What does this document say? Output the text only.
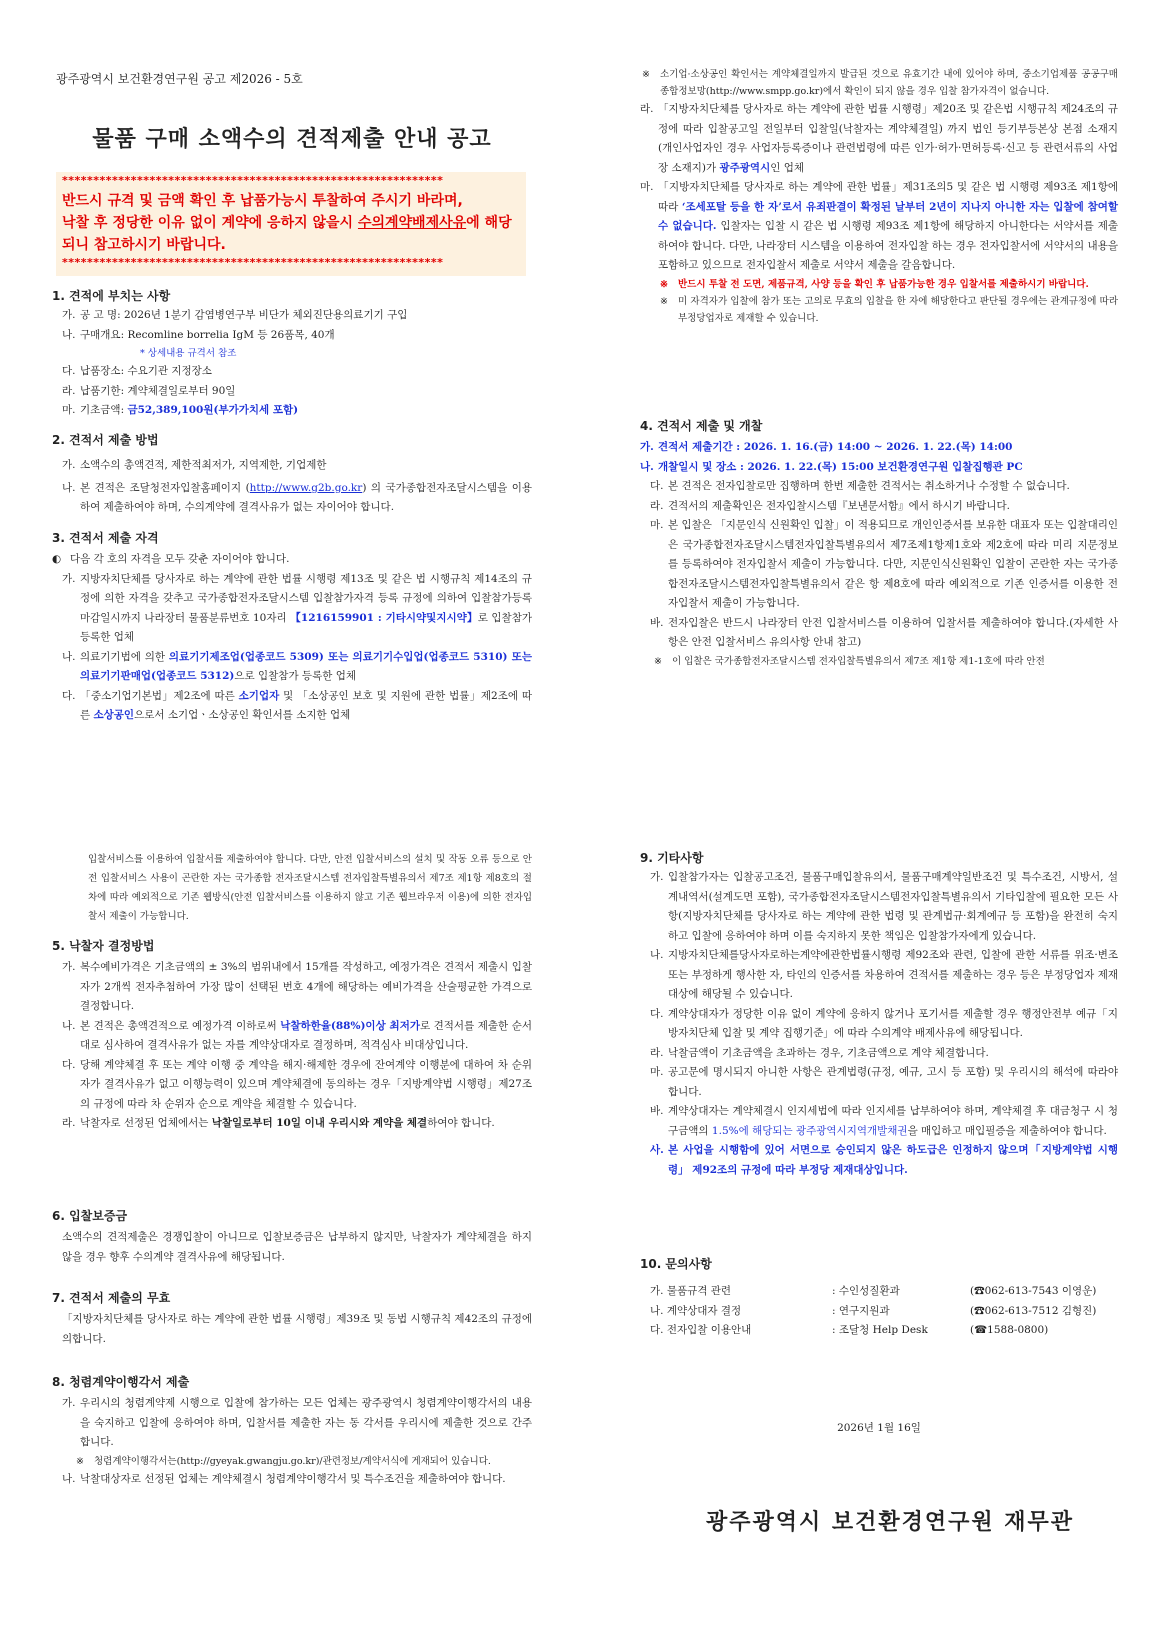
광주광역시 보건환경연구원 공고 제2026 - 5호
물품 구매 소액수의 견적제출 안내 공고
*************************************************************
반드시 규격 및 금액 확인 후 납품가능시 투찰하여 주시기 바라며,
낙찰 후 정당한 이유 없이 계약에 응하지 않을시 수의계약배제사유에 해당되니 참고하시기 바랍니다.
*************************************************************
1. 견적에 부치는 사항
가. 공 고 명: 2026년 1분기 감염병연구부 비단가 체외진단용의료기기 구입
나. 구매개요: Recomline borrelia IgM 등 26품목, 40개
* 상세내용 규격서 참조
다. 납품장소: 수요기관 지정장소
라. 납품기한: 계약체결일로부터 90일
마. 기초금액: 금52,389,100원(부가가치세 포함)
2. 견적서 제출 방법
가. 소액수의 총액견적, 제한적최저가, 지역제한, 기업제한
나. 본 견적은 조달청전자입찰홈페이지 (http://www.g2b.go.kr) 의 국가종합전자조달시스템을 이용하여 제출하여야 하며, 수의계약에 결격사유가 없는 자이어야 합니다.
3. 견적서 제출 자격
◐ 다음 각 호의 자격을 모두 갖춘 자이어야 합니다.
가. 지방자치단체를 당사자로 하는 계약에 관한 법률 시행령 제13조 및 같은 법 시행규칙 제14조의 규정에 의한 자격을 갖추고 국가종합전자조달시스템 입찰참가자격 등록 규정에 의하여 입찰참가등록 마감일시까지 나라장터 물품분류번호 10자리 【1216159901 : 기타시약및지시약】로 입찰참가 등록한 업체
나. 의료기기법에 의한 의료기기제조업(업종코드 5309) 또는 의료기기수입업(업종코드 5310) 또는 의료기기판매업(업종코드 5312)으로 입찰참가 등록한 업체
다. 「중소기업기본법」제2조에 따른 소기업자 및 「소상공인 보호 및 지원에 관한 법률」제2조에 따른 소상공인으로서 소기업ㆍ소상공인 확인서를 소지한 업체
※	소기업·소상공인 확인서는 계약체결일까지 발급된 것으로 유효기간 내에 있어야 하며, 중소기업제품 공공구매 종합정보망(http://www.smpp.go.kr)에서 확인이 되지 않을 경우 입찰 참가자격이 없습니다.
라. 「지방자치단체를 당사자로 하는 계약에 관한 법률 시행령」제20조 및 같은법 시행규칙 제24조의 규정에 따라 입찰공고일 전일부터 입찰일(낙찰자는 계약체결일) 까지 법인 등기부등본상 본점 소재지(개인사업자인 경우 사업자등록증이나 관련법령에 따른 인가·허가·면허등록·신고 등 관련서류의 사업장 소재지)가 광주광역시인 업체
마. 「지방자치단체를 당사자로 하는 계약에 관한 법률」제31조의5 및 같은 법 시행령 제93조 제1항에 따라 ‘조세포탈 등을 한 자’로서 유죄판결이 확정된 날부터 2년이 지나지 아니한 자는 입찰에 참여할 수 없습니다. 입찰자는 입찰 시 같은 법 시행령 제93조 제1항에 해당하지 아니한다는 서약서를 제출하여야 합니다. 다만, 나라장터 시스템을 이용하여 전자입찰 하는 경우 전자입찰서에 서약서의 내용을 포함하고 있으므로 전자입찰서 제출로 서약서 제출을 갈음합니다.
※	반드시 투찰 전 도면, 제품규격, 사양 등을 확인 후 납품가능한 경우 입찰서를 제출하시기 바랍니다.
※	미 자격자가 입찰에 참가 또는 고의로 무효의 입찰을 한 자에 해당한다고 판단될 경우에는 관계규정에 따라 부정당업자로 제재할 수 있습니다.
4. 견적서 제출 및 개찰
가. 견적서 제출기간 : 2026. 1. 16.(금) 14:00 ~ 2026. 1. 22.(목) 14:00
나. 개찰일시 및 장소 : 2026. 1. 22.(목) 15:00 보건환경연구원 입찰집행관 PC
다. 본 견적은 전자입찰로만 집행하며 한번 제출한 견적서는 취소하거나 수정할 수 없습니다.
라. 견적서의 제출확인은 전자입찰시스템『보낸문서함』에서 하시기 바랍니다.
마. 본 입찰은 「지문인식 신원확인 입찰」이 적용되므로 개인인증서를 보유한 대표자 또는 입찰대리인은 국가종합전자조달시스템전자입찰특별유의서 제7조제1항제1호와 제2호에 따라 미리 지문정보를 등록하여야 전자입찰서 제출이 가능합니다. 다만, 지문인식신원확인 입찰이 곤란한 자는 국가종합전자조달시스템전자입찰특별유의서 같은 항 제8호에 따라 예외적으로 기존 인증서를 이용한 전자입찰서 제출이 가능합니다.
바. 전자입찰은 반드시 나라장터 안전 입찰서비스를 이용하여 입찰서를 제출하여야 합니다.(자세한 사항은 안전 입찰서비스 유의사항 안내 참고)
※	이 입찰은 국가종합전자조달시스템 전자입찰특별유의서 제7조 제1항 제1-1호에 따라 안전
입찰서비스를 이용하여 입찰서를 제출하여야 합니다. 다만, 안전 입찰서비스의 설치 및 작동 오류 등으로 안전 입찰서비스 사용이 곤란한 자는 국가종합 전자조달시스템 전자입찰특별유의서 제7조 제1항 제8호의 절차에 따라 예외적으로 기존 웹방식(안전 입찰서비스를 이용하지 않고 기존 웹브라우저 이용)에 의한 전자입찰서 제출이 가능합니다.
5. 낙찰자 결정방법
가. 복수예비가격은 기초금액의 ± 3%의 범위내에서 15개를 작성하고, 예정가격은 견적서 제출시 입찰자가 2개씩 전자추첨하여 가장 많이 선택된 번호 4개에 해당하는 예비가격을 산술평균한 가격으로 결정합니다.
나. 본 견적은 총액견적으로 예정가격 이하로써 낙찰하한율(88%)이상 최저가로 견적서를 제출한 순서대로 심사하여 결격사유가 없는 자를 계약상대자로 결정하며, 적격심사 비대상입니다.
다. 당해 계약체결 후 또는 계약 이행 중 계약을 해지·해제한 경우에 잔여계약 이행분에 대하여 차 순위자가 결격사유가 없고 이행능력이 있으며 계약체결에 동의하는 경우「지방계약법 시행령」제27조의 규정에 따라 차 순위자 순으로 계약을 체결할 수 있습니다.
라. 낙찰자로 선정된 업체에서는 낙찰일로부터 10일 이내 우리시와 계약을 체결하여야 합니다.
6. 입찰보증금
소액수의 견적제출은 경쟁입찰이 아니므로 입찰보증금은 납부하지 않지만, 낙찰자가 계약체결을 하지 않을 경우 향후 수의계약 결격사유에 해당됩니다.
7. 견적서 제출의 무효
「지방자치단체를 당사자로 하는 계약에 관한 법률 시행령」제39조 및 동법 시행규칙 제42조의 규정에 의합니다.
8. 청렴계약이행각서 제출
가. 우리시의 청렴계약제 시행으로 입찰에 참가하는 모든 업체는 광주광역시 청렴계약이행각서의 내용을 숙지하고 입찰에 응하여야 하며, 입찰서를 제출한 자는 동 각서를 우리시에 제출한 것으로 간주합니다.
※	청렴계약이행각서는(http://gyeyak.gwangju.go.kr)/관련정보/계약서식에 게재되어 있습니다.
나. 낙찰대상자로 선정된 업체는 계약체결시 청렴계약이행각서 및 특수조건을 제출하여야 합니다.
9. 기타사항
가. 입찰참가자는 입찰공고조건, 물품구매입찰유의서, 물품구매계약일반조건 및 특수조건, 시방서, 설계내역서(설계도면 포함), 국가종합전자조달시스템전자입찰특별유의서 기타입찰에 필요한 모든 사항(지방자치단체를 당사자로 하는 계약에 관한 법령 및 관계법규·회계예규 등 포함)을 완전히 숙지하고 입찰에 응하여야 하며 이를 숙지하지 못한 책임은 입찰참가자에게 있습니다.
나. 지방자치단체를당사자로하는계약에관한법률시행령 제92조와 관련, 입찰에 관한 서류를 위조·변조 또는 부정하게 행사한 자, 타인의 인증서를 차용하여 견적서를 제출하는 경우 등은 부정당업자 제재대상에 해당될 수 있습니다.
다. 계약상대자가 정당한 이유 없이 계약에 응하지 않거나 포기서를 제출할 경우 행정안전부 예규「지방자치단체 입찰 및 계약 집행기준」에 따라 수의계약 배제사유에 해당됩니다.
라. 낙찰금액이 기초금액을 초과하는 경우, 기초금액으로 계약 체결합니다.
마. 공고문에 명시되지 아니한 사항은 관계법령(규정, 예규, 고시 등 포함) 및 우리시의 해석에 따라야 합니다.
바. 계약상대자는 계약체결시 인지세법에 따라 인지세를 납부하여야 하며, 계약체결 후 대금청구 시 청구금액의 1.5%에 해당되는 광주광역시지역개발채권을 매입하고 매입필증을 제출하여야 합니다.
사. 본 사업을 시행함에 있어 서면으로 승인되지 않은 하도급은 인정하지 않으며「지방계약법 시행령」 제92조의 규정에 따라 부정당 제재대상입니다.
10. 문의사항
가. 물품규격 관련	: 수인성질환과	(☎062-613-7543 이영운)
나. 계약상대자 결정	: 연구지원과	(☎062-613-7512 김형진)
다. 전자입찰 이용안내	: 조달청 Help Desk	(☎1588-0800)
2026년 1월 16일
광주광역시 보건환경연구원 재무관
